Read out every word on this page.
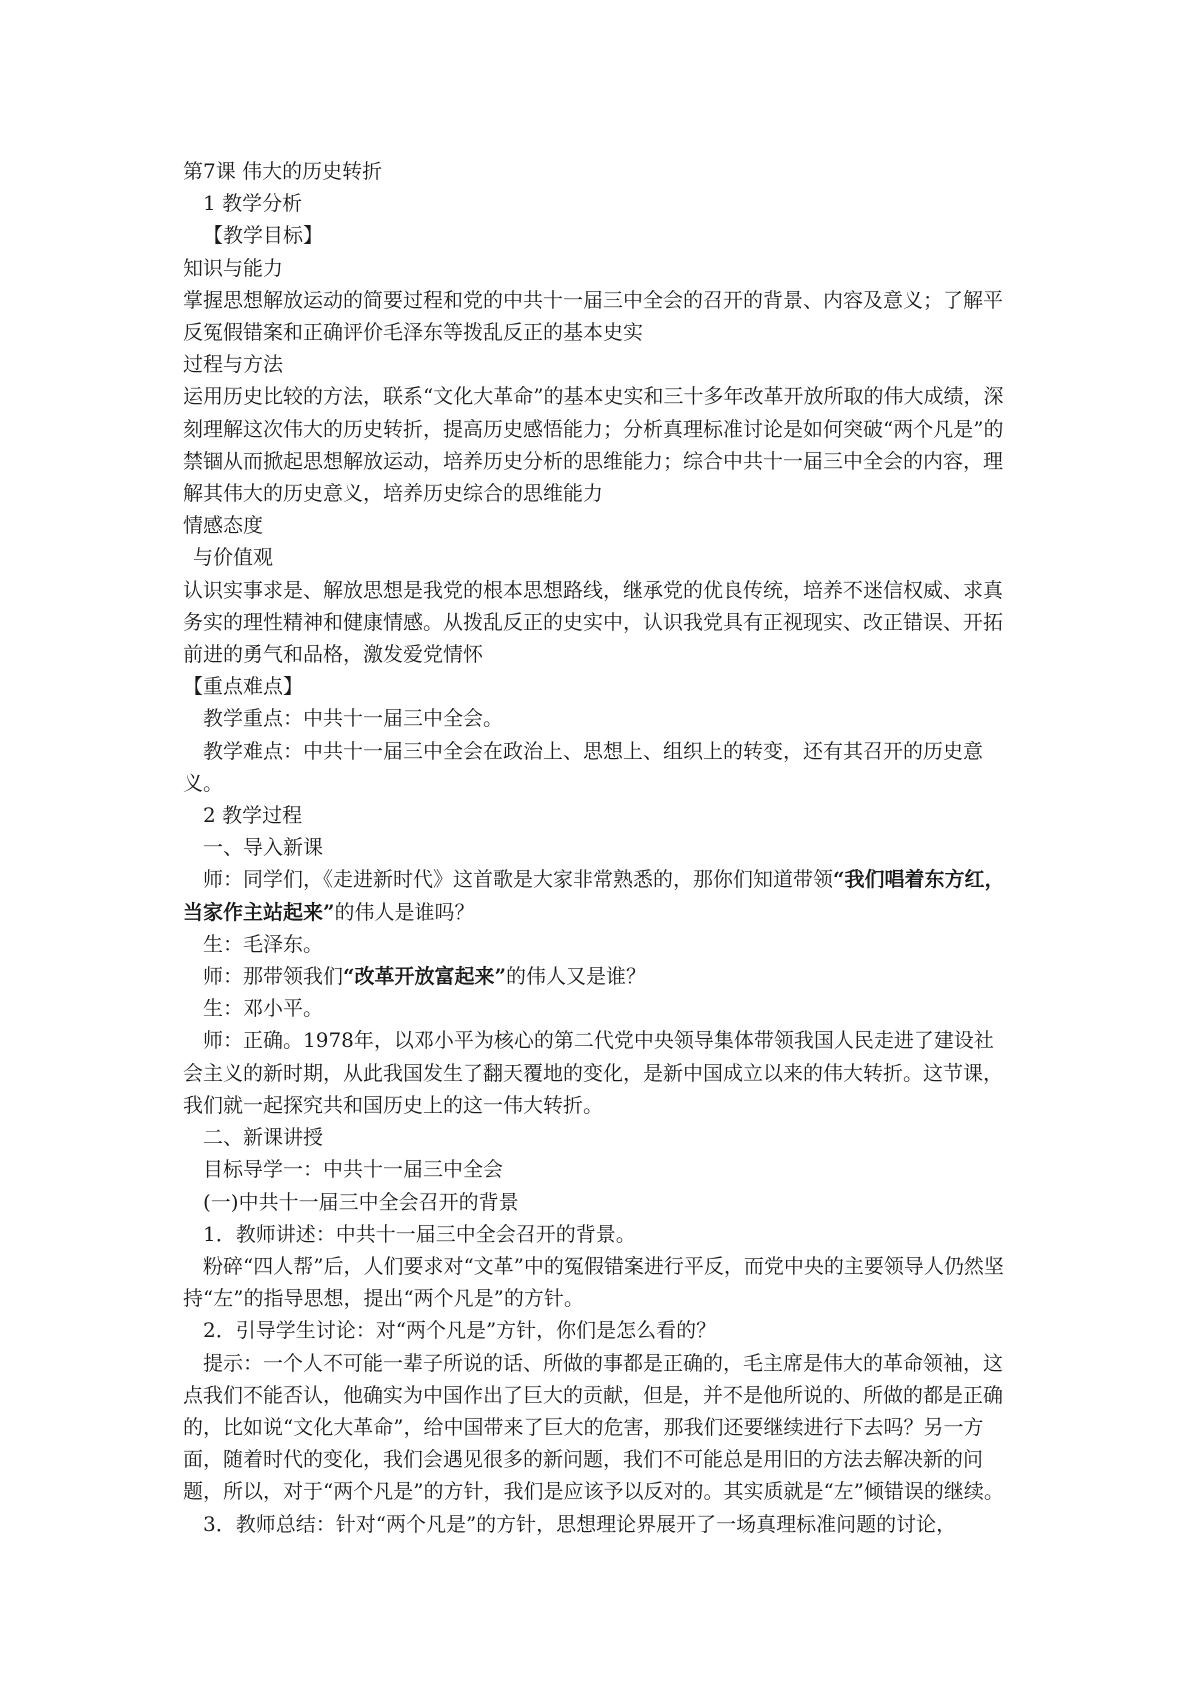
第7课 伟大的历史转折

1 教学分析

【教学目标】

知识与能力

掌握思想解放运动的简要过程和党的中共十一届三中全会的召开的背景、内容及意义；了解平反冤假错案和正确评价毛泽东等拨乱反正的基本史实

过程与方法

运用历史比较的方法，联系“文化大革命”的基本史实和三十多年改革开放所取的伟大成绩，深刻理解这次伟大的历史转折，提高历史感悟能力；分析真理标准讨论是如何突破“两个凡是”的禁锢从而掀起思想解放运动，培养历史分析的思维能力；综合中共十一届三中全会的内容，理解其伟大的历史意义，培养历史综合的思维能力

情感态度

与价值观

认识实事求是、解放思想是我党的根本思想路线，继承党的优良传统，培养不迷信权威、求真务实的理性精神和健康情感。从拨乱反正的史实中，认识我党具有正视现实、改正错误、开拓前进的勇气和品格，激发爱党情怀

【重点难点】

教学重点：中共十一届三中全会。

教学难点：中共十一届三中全会在政治上、思想上、组织上的转变，还有其召开的历史意义。

2 教学过程

一、导入新课

师：同学们，《走进新时代》这首歌是大家非常熟悉的，那你们知道带领“我们唱着东方红，当家作主站起来”的伟人是谁吗？

生：毛泽东。

师：那带领我们“改革开放富起来”的伟人又是谁？

生：邓小平。

师：正确。1978年，以邓小平为核心的第二代党中央领导集体带领我国人民走进了建设社会主义的新时期，从此我国发生了翻天覆地的变化，是新中国成立以来的伟大转折。这节课，我们就一起探究共和国历史上的这一伟大转折。

二、新课讲授

目标导学一：中共十一届三中全会

(一)中共十一届三中全会召开的背景

1．教师讲述：中共十一届三中全会召开的背景。

粉碎“四人帮”后，人们要求对“文革”中的冤假错案进行平反，而党中央的主要领导人仍然坚持“左”的指导思想，提出“两个凡是”的方针。

2．引导学生讨论：对“两个凡是”方针，你们是怎么看的？

提示：一个人不可能一辈子所说的话、所做的事都是正确的，毛主席是伟大的革命领袖，这点我们不能否认，他确实为中国作出了巨大的贡献，但是，并不是他所说的、所做的都是正确的，比如说“文化大革命”，给中国带来了巨大的危害，那我们还要继续进行下去吗？另一方面，随着时代的变化，我们会遇见很多的新问题，我们不可能总是用旧的方法去解决新的问题，所以，对于“两个凡是”的方针，我们是应该予以反对的。其实质就是“左”倾错误的继续。

3．教师总结：针对“两个凡是”的方针，思想理论界展开了一场真理标准问题的讨论，
